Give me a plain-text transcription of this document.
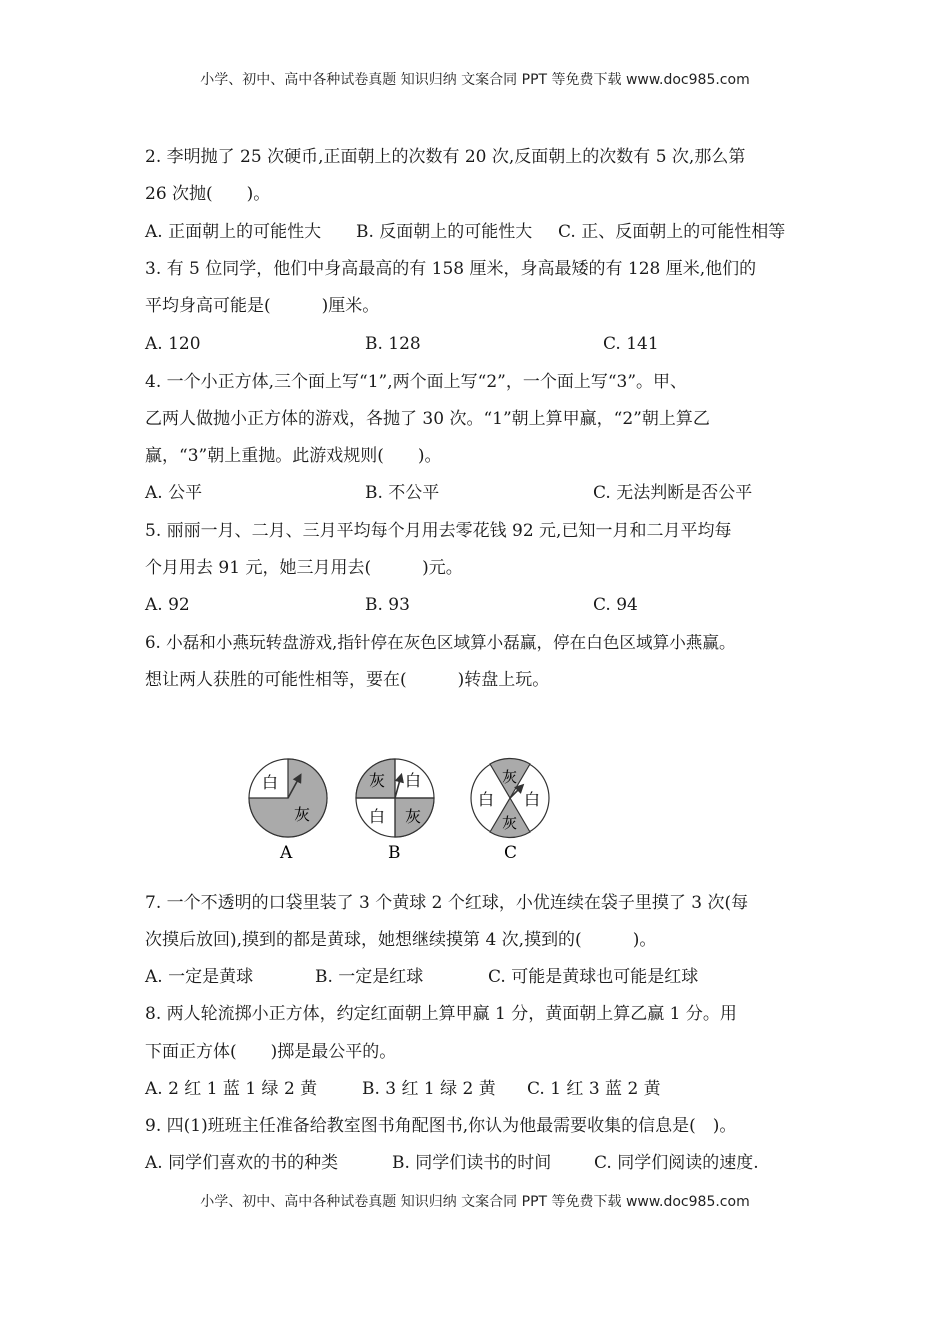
小学、初中、高中各种试卷真题 知识归纳 文案合同 PPT 等免费下载 www.doc985.com
2. 李明抛了 25 次硬币,正面朝上的次数有 20 次,反面朝上的次数有 5 次,那么第
26 次抛(　　)。
A. 正面朝上的可能性大 B. 反面朝上的可能性大 C. 正、反面朝上的可能性相等
3. 有 5 位同学，他们中身高最高的有 158 厘米，身高最矮的有 128 厘米,他们的
平均身高可能是(　　　)厘米。
A. 120	B. 128	C. 141
4. 一个小正方体,三个面上写“1”,两个面上写“2”，一个面上写“3”。甲、
乙两人做抛小正方体的游戏，各抛了 30 次。“1”朝上算甲赢，“2”朝上算乙
赢，“3”朝上重抛。此游戏规则(　　)。
A. 公平	B. 不公平	C. 无法判断是否公平
5. 丽丽一月、二月、三月平均每个月用去零花钱 92 元,已知一月和二月平均每
个月用去 91 元，她三月用去(　　　)元。
A. 92	B. 93	C. 94
6. 小磊和小燕玩转盘游戏,指针停在灰色区域算小磊赢，停在白色区域算小燕赢。
想让两人获胜的可能性相等，要在(　　　)转盘上玩。
白
灰
A
灰 白
白 灰
B
灰
白 白
灰
C
7. 一个不透明的口袋里装了 3 个黄球 2 个红球，小优连续在袋子里摸了 3 次(每
次摸后放回),摸到的都是黄球，她想继续摸第 4 次,摸到的(　　　)。
A. 一定是黄球	B. 一定是红球	C. 可能是黄球也可能是红球
8. 两人轮流掷小正方体，约定红面朝上算甲赢 1 分，黄面朝上算乙赢 1 分。用
下面正方体(　　)掷是最公平的。
A. 2 红 1 蓝 1 绿 2 黄	B. 3 红 1 绿 2 黄 C. 1 红 3 蓝 2 黄
9. 四(1)班班主任准备给教室图书角配图书,你认为他最需要收集的信息是(　)。
A. 同学们喜欢的书的种类	B. 同学们读书的时间	C. 同学们阅读的速度.
小学、初中、高中各种试卷真题 知识归纳 文案合同 PPT 等免费下载 www.doc985.com
